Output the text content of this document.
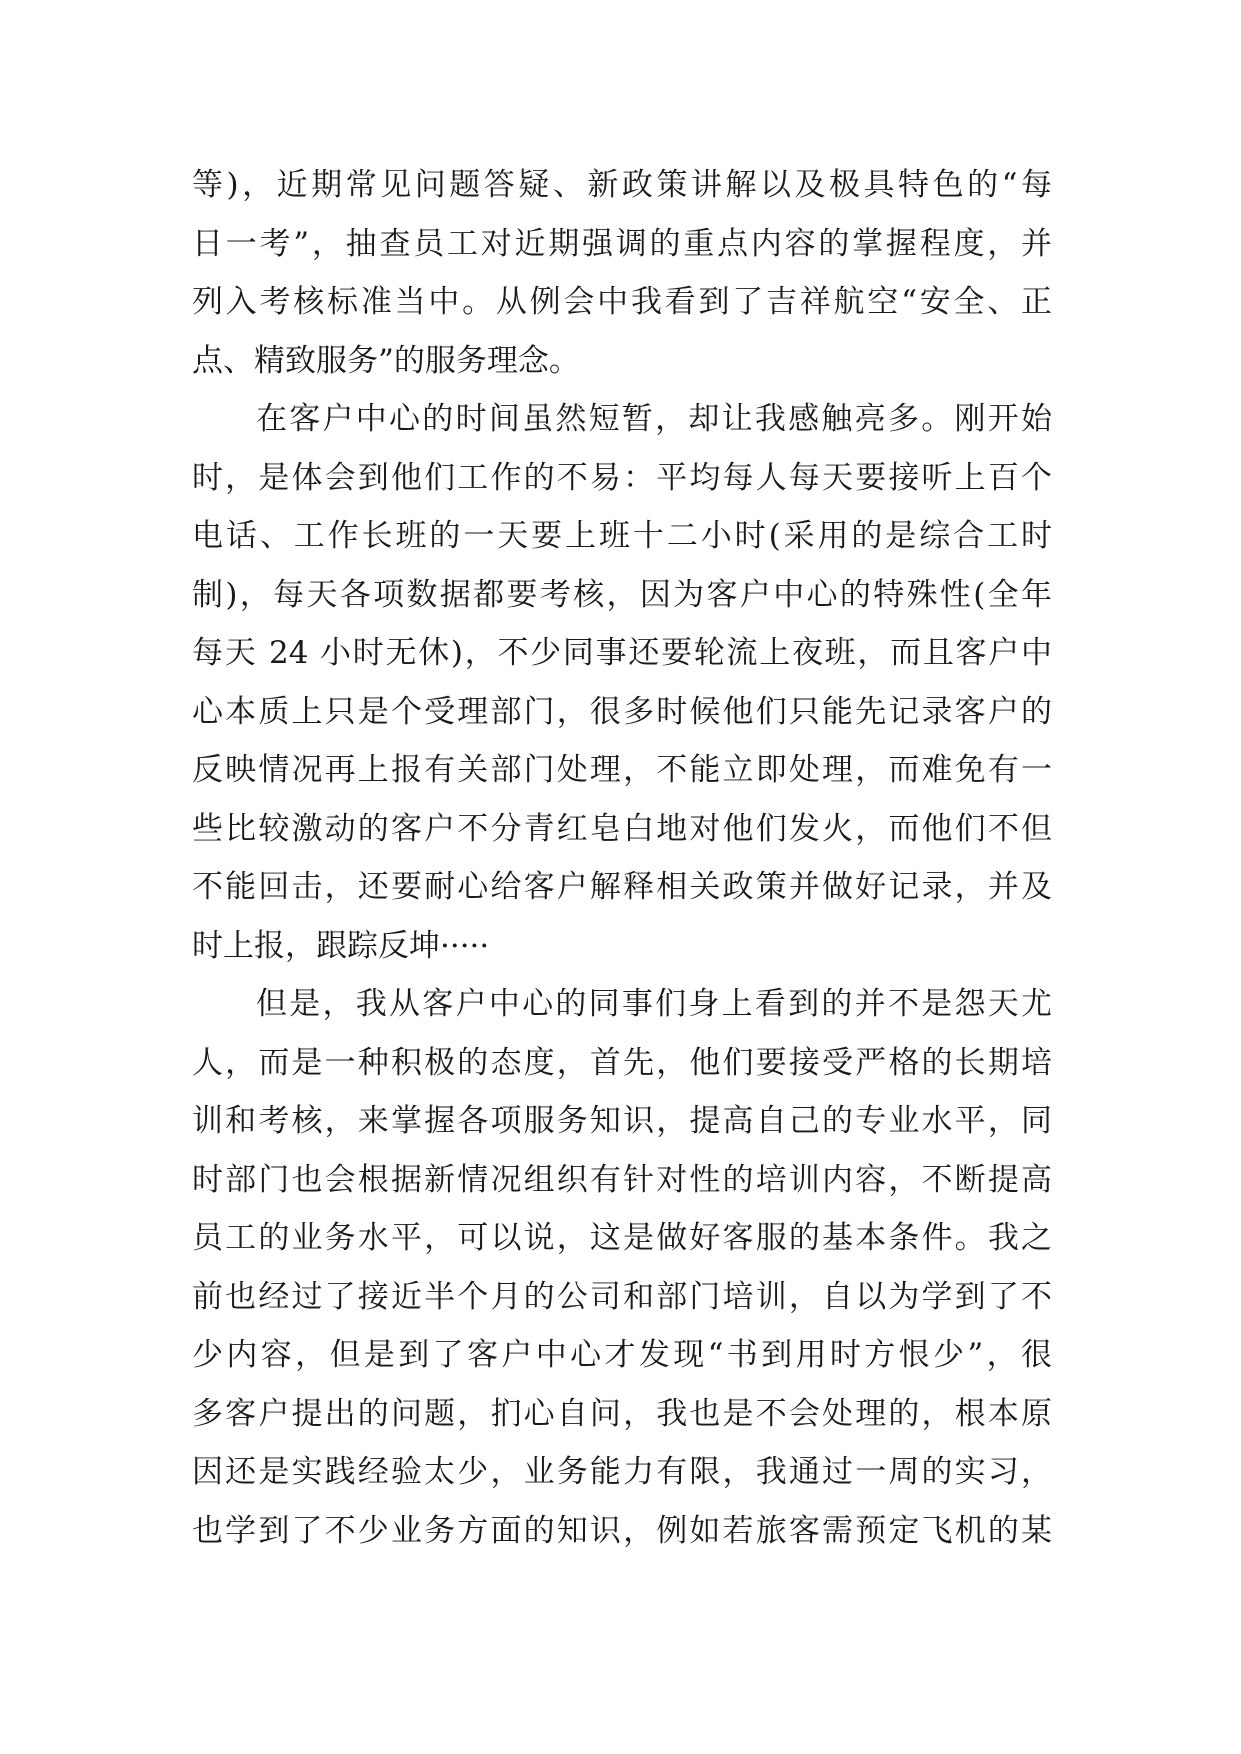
等)，近期常见问题答疑、新政策讲解以及极具特色的“每
日一考”，抽查员工对近期强调的重点内容的掌握程度，并
列入考核标准当中。从例会中我看到了吉祥航空“安全、正
点、精致服务”的服务理念。
在客户中心的时间虽然短暂，却让我感触亮多。刚开始
时，是体会到他们工作的不易：平均每人每天要接听上百个
电话、工作长班的一天要上班十二小时(采用的是综合工时
制)，每天各项数据都要考核，因为客户中心的特殊性(全年
每天 24 小时无休)，不少同事还要轮流上夜班，而且客户中
心本质上只是个受理部门，很多时候他们只能先记录客户的
反映情况再上报有关部门处理，不能立即处理，而难免有一
些比较激动的客户不分青红皂白地对他们发火，而他们不但
不能回击，还要耐心给客户解释相关政策并做好记录，并及
时上报，跟踪反坤·····
但是，我从客户中心的同事们身上看到的并不是怨天尤
人，而是一种积极的态度，首先，他们要接受严格的长期培
训和考核，来掌握各项服务知识，提高自己的专业水平，同
时部门也会根据新情况组织有针对性的培训内容，不断提高
员工的业务水平，可以说，这是做好客服的基本条件。我之
前也经过了接近半个月的公司和部门培训，自以为学到了不
少内容，但是到了客户中心才发现“书到用时方恨少”，很
多客户提出的问题，扪心自问，我也是不会处理的，根本原
因还是实践经验太少，业务能力有限，我通过一周的实习，
也学到了不少业务方面的知识，例如若旅客需预定飞机的某
